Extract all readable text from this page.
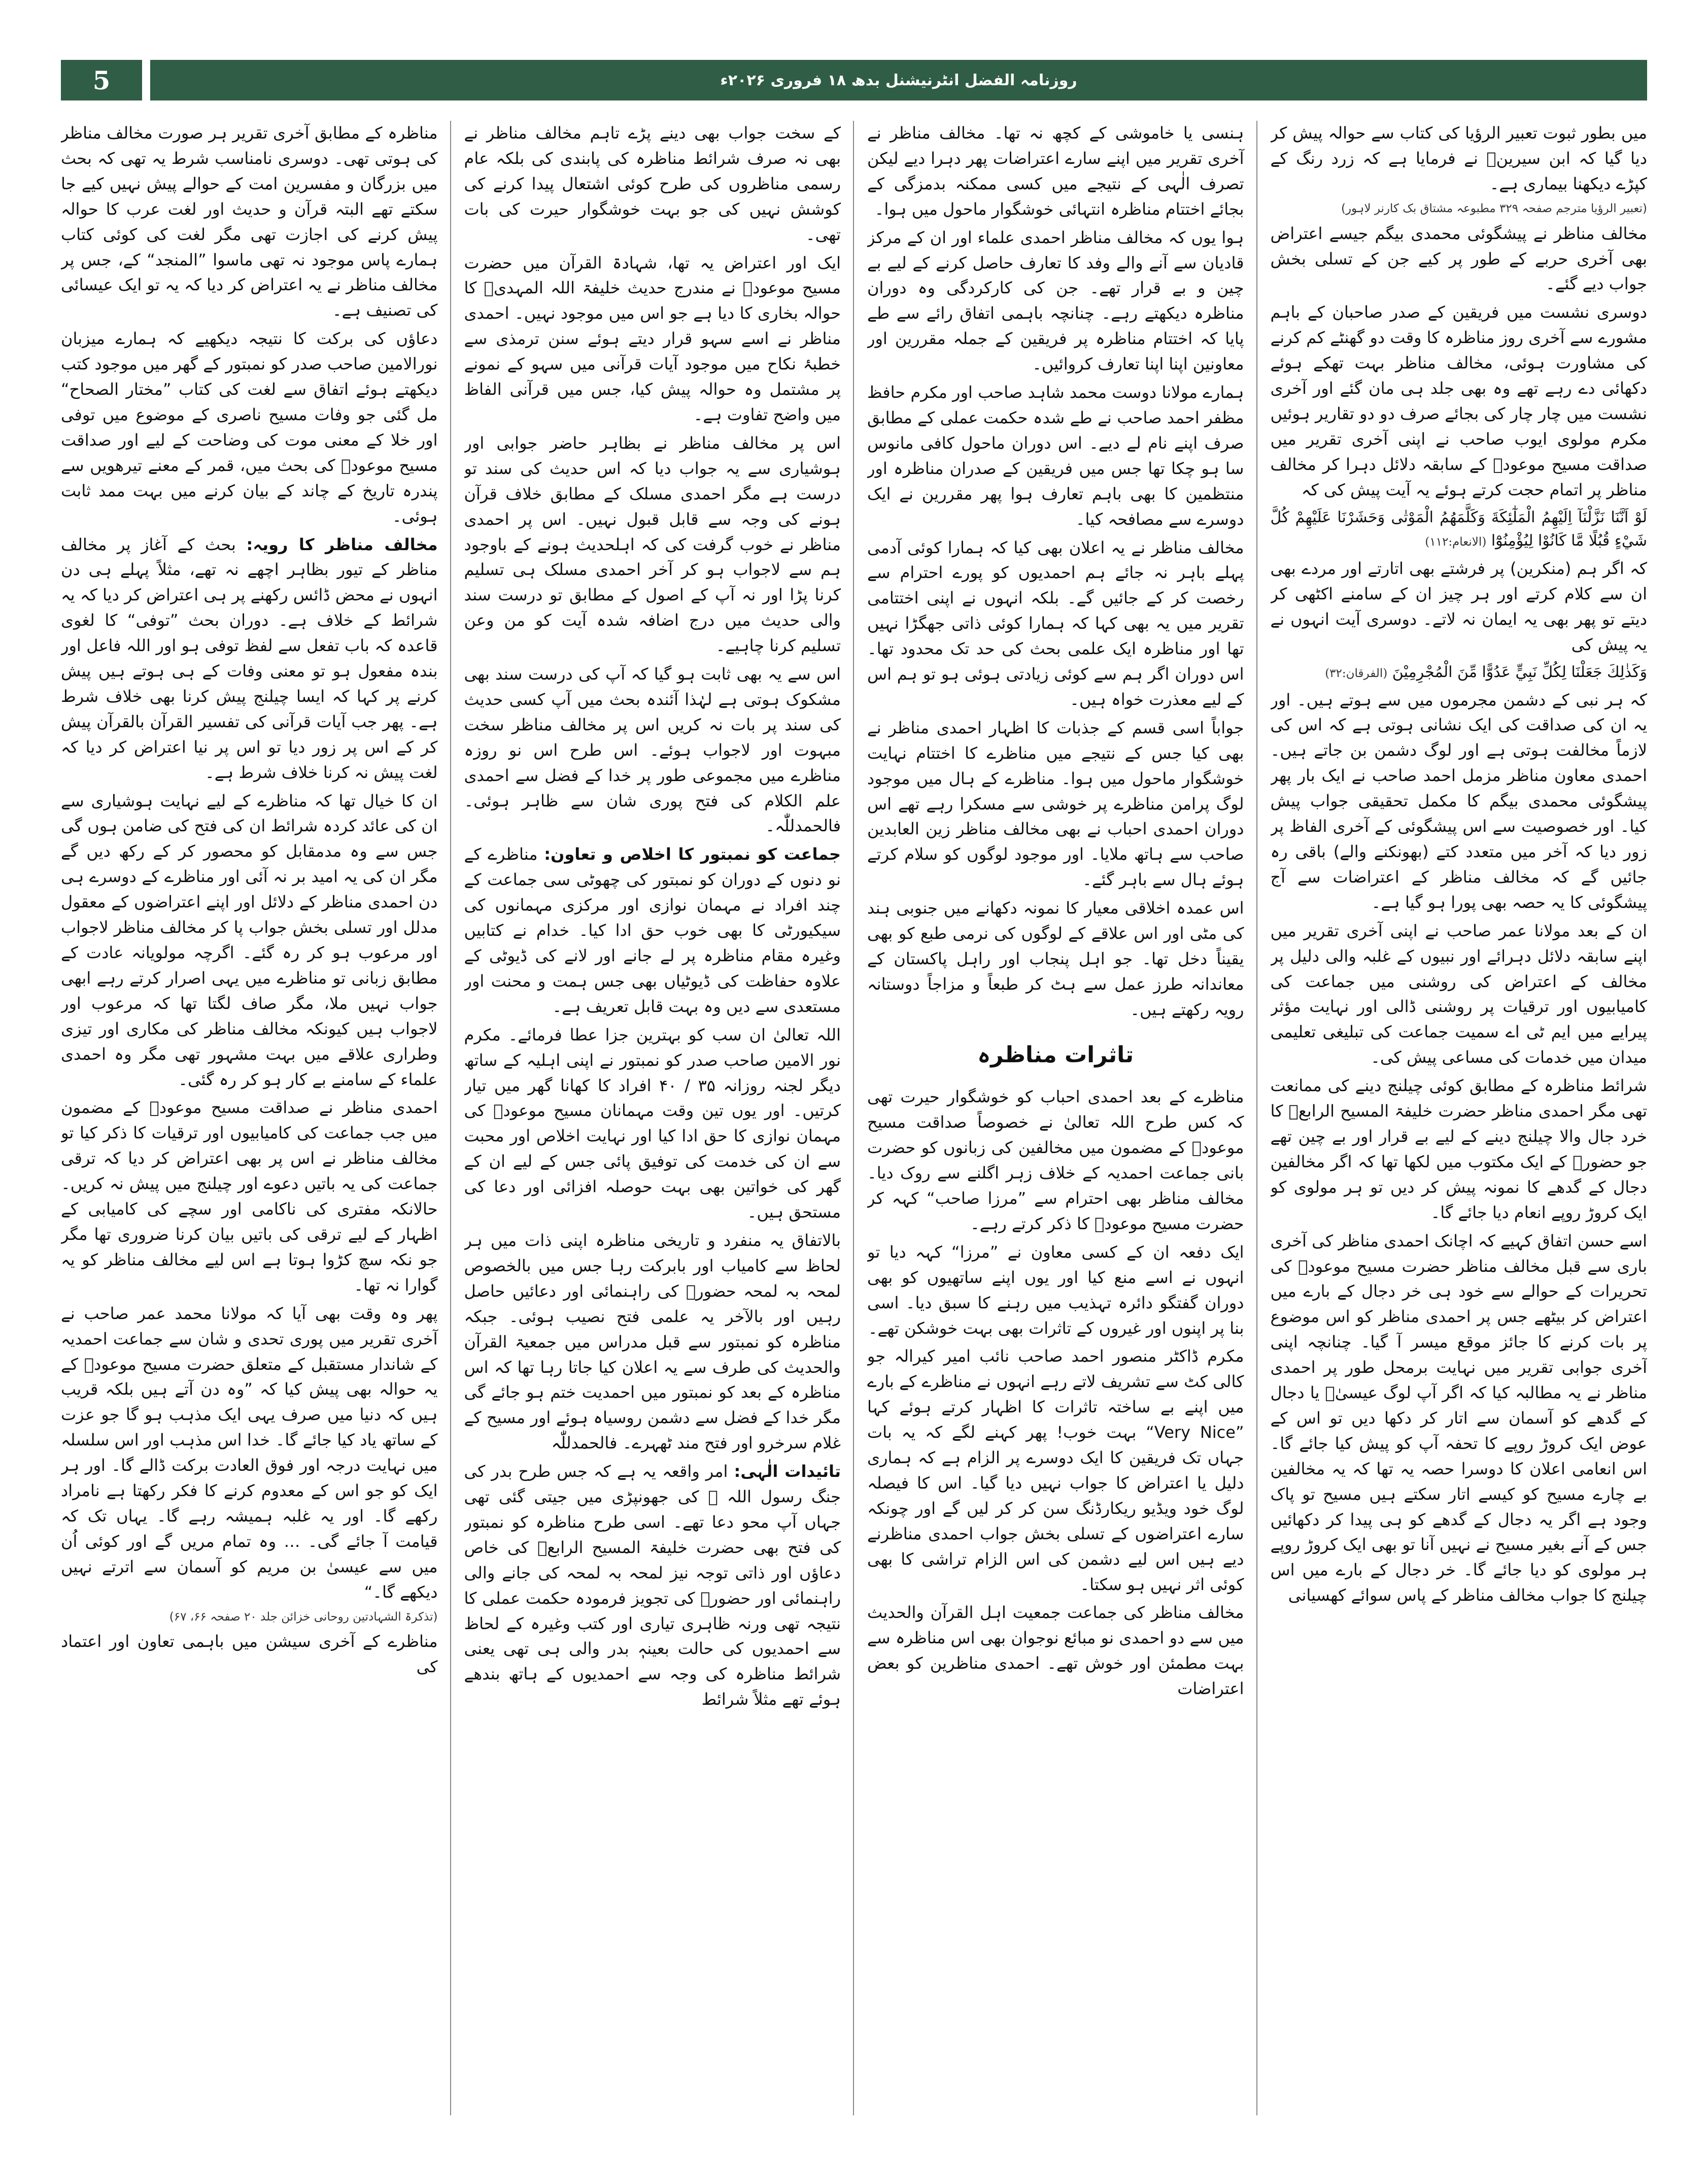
5	روزنامہ الفضل انٹرنیشنل بدھ ۱۸ فروری ۲۰۲۶ء

میں بطور ثبوت تعبیر الرؤیا کی کتاب سے حوالہ پیش کر دیا گیا کہ ابن سیرینؒ نے فرمایا ہے کہ زرد رنگ کے کپڑے دیکھنا بیماری ہے۔

(تعبیر الرؤیا مترجم صفحہ ۳۲۹ مطبوعہ مشتاق بک کارنر لاہور)

مخالف مناظر نے پیشگوئی محمدی بیگم جیسے اعتراض بھی آخری حربے کے طور پر کیے جن کے تسلی بخش جواب دیے گئے۔

دوسری نشست میں فریقین کے صدر صاحبان کے باہم مشورے سے آخری روز مناظرہ کا وقت دو گھنٹے کم کرنے کی مشاورت ہوئی، مخالف مناظر بہت تھکے ہوئے دکھائی دے رہے تھے وہ بھی جلد ہی مان گئے اور آخری نشست میں چار چار کی بجائے صرف دو دو تقاریر ہوئیں مکرم مولوی ایوب صاحب نے اپنی آخری تقریر میں صداقت مسیح موعودؑ کے سابقہ دلائل دہرا کر مخالف مناظر پر اتمام حجت کرتے ہوئے یہ آیت پیش کی کہ

لَوْ اَنَّنَا نَزَّلْنَآ اِلَيْهِمُ الْمَلٰٓئِكَةَ وَكَلَّمَهُمُ الْمَوْتٰى وَحَشَرْنَا عَلَيْهِمْ كُلَّ شَيْءٍ قُبُلًا مَّا كَانُوْا لِيُؤْمِنُوْٓا (الانعام:۱۱۲)

کہ اگر ہم (منکرین) پر فرشتے بھی اتارتے اور مردے بھی ان سے کلام کرتے اور ہر چیز ان کے سامنے اکٹھی کر دیتے تو پھر بھی یہ ایمان نہ لاتے۔ دوسری آیت انہوں نے یہ پیش کی

وَكَذٰلِكَ جَعَلْنَا لِكُلِّ نَبِيٍّ عَدُوًّا مِّنَ الْمُجْرِمِيْنَ (الفرقان:۳۲)

کہ ہر نبی کے دشمن مجرموں میں سے ہوتے ہیں۔ اور یہ ان کی صداقت کی ایک نشانی ہوتی ہے کہ اس کی لازماً مخالفت ہوتی ہے اور لوگ دشمن بن جاتے ہیں۔ احمدی معاون مناظر مزمل احمد صاحب نے ایک بار پھر پیشگوئی محمدی بیگم کا مکمل تحقیقی جواب پیش کیا۔ اور خصوصیت سے اس پیشگوئی کے آخری الفاظ پر زور دیا کہ آخر میں متعدد کتے (بھونکنے والے) باقی رہ جائیں گے کہ مخالف مناظر کے اعتراضات سے آج پیشگوئی کا یہ حصہ بھی پورا ہو گیا ہے۔

ان کے بعد مولانا عمر صاحب نے اپنی آخری تقریر میں اپنے سابقہ دلائل دہرائے اور نبیوں کے غلبہ والی دلیل پر مخالف کے اعتراض کی روشنی میں جماعت کی کامیابیوں اور ترقیات پر روشنی ڈالی اور نہایت مؤثر پیرایے میں ایم ٹی اے سمیت جماعت کی تبلیغی تعلیمی میدان میں خدمات کی مساعی پیش کی۔

شرائط مناظرہ کے مطابق کوئی چیلنج دینے کی ممانعت تھی مگر احمدی مناظر حضرت خلیفۃ المسیح الرابعؒ کا خرد جال والا چیلنج دینے کے لیے بے قرار اور بے چین تھے جو حضورؒ کے ایک مکتوب میں لکھا تھا کہ اگر مخالفین دجال کے گدھے کا نمونہ پیش کر دیں تو ہر مولوی کو ایک کروڑ روپے انعام دیا جائے گا۔

اسے حسن اتفاق کہیے کہ اچانک احمدی مناظر کی آخری باری سے قبل مخالف مناظر حضرت مسیح موعودؑ کی تحریرات کے حوالے سے خود ہی خر دجال کے بارے میں اعتراض کر بیٹھے جس پر احمدی مناظر کو اس موضوع پر بات کرنے کا جائز موقع میسر آ گیا۔ چنانچہ اپنی آخری جوابی تقریر میں نہایت برمحل طور پر احمدی مناظر نے یہ مطالبہ کیا کہ اگر آپ لوگ عیسیٰؑ یا دجال کے گدھے کو آسمان سے اتار کر دکھا دیں تو اس کے عوض ایک کروڑ روپے کا تحفہ آپ کو پیش کیا جائے گا۔ اس انعامی اعلان کا دوسرا حصہ یہ تھا کہ یہ مخالفین بے چارے مسیح کو کیسے اتار سکتے ہیں مسیح تو پاک وجود ہے اگر یہ دجال کے گدھے کو ہی پیدا کر دکھائیں جس کے آنے بغیر مسیح نے نہیں آنا تو بھی ایک کروڑ روپے ہر مولوی کو دیا جائے گا۔ خر دجال کے بارے میں اس چیلنج کا جواب مخالف مناظر کے پاس سوائے کھسیانی

ہنسی یا خاموشی کے کچھ نہ تھا۔ مخالف مناظر نے آخری تقریر میں اپنے سارے اعتراضات پھر دہرا دیے لیکن تصرف الٰہی کے نتیجے میں کسی ممکنہ بدمزگی کے بجائے اختتام مناظرہ انتہائی خوشگوار ماحول میں ہوا۔

ہوا یوں کہ مخالف مناظر احمدی علماء اور ان کے مرکز قادیان سے آنے والے وفد کا تعارف حاصل کرنے کے لیے بے چین و بے قرار تھے۔ جن کی کارکردگی وہ دوران مناظرہ دیکھتے رہے۔ چنانچہ باہمی اتفاق رائے سے طے پایا کہ اختتام مناظرہ پر فریقین کے جملہ مقررین اور معاونین اپنا اپنا تعارف کروائیں۔

ہمارے مولانا دوست محمد شاہد صاحب اور مکرم حافظ مظفر احمد صاحب نے طے شدہ حکمت عملی کے مطابق صرف اپنے نام لے دیے۔ اس دوران ماحول کافی مانوس سا ہو چکا تھا جس میں فریقین کے صدران مناظرہ اور منتظمین کا بھی باہم تعارف ہوا پھر مقررین نے ایک دوسرے سے مصافحہ کیا۔

مخالف مناظر نے یہ اعلان بھی کیا کہ ہمارا کوئی آدمی پہلے باہر نہ جائے ہم احمدیوں کو پورے احترام سے رخصت کر کے جائیں گے۔ بلکہ انہوں نے اپنی اختتامی تقریر میں یہ بھی کہا کہ ہمارا کوئی ذاتی جھگڑا نہیں تھا اور مناظرہ ایک علمی بحث کی حد تک محدود تھا۔ اس دوران اگر ہم سے کوئی زیادتی ہوئی ہو تو ہم اس کے لیے معذرت خواہ ہیں۔

جواباً اسی قسم کے جذبات کا اظہار احمدی مناظر نے بھی کیا جس کے نتیجے میں مناظرے کا اختتام نہایت خوشگوار ماحول میں ہوا۔ مناظرے کے ہال میں موجود لوگ پرامن مناظرے پر خوشی سے مسکرا رہے تھے اس دوران احمدی احباب نے بھی مخالف مناظر زین العابدین صاحب سے ہاتھ ملایا۔ اور موجود لوگوں کو سلام کرتے ہوئے ہال سے باہر گئے۔

اس عمدہ اخلاقی معیار کا نمونہ دکھانے میں جنوبی ہند کی مٹی اور اس علاقے کے لوگوں کی نرمی طبع کو بھی یقیناً دخل تھا۔ جو اہل پنجاب اور راہل پاکستان کے معاندانہ طرز عمل سے ہٹ کر طبعاً و مزاجاً دوستانہ رویہ رکھتے ہیں۔

تاثرات مناظرہ

مناظرے کے بعد احمدی احباب کو خوشگوار حیرت تھی کہ کس طرح اللہ تعالیٰ نے خصوصاً صداقت مسیح موعودؑ کے مضمون میں مخالفین کی زبانوں کو حضرت بانی جماعت احمدیہ کے خلاف زہر اگلنے سے روک دیا۔ مخالف مناظر بھی احترام سے ”مرزا صاحب“ کہہ کر حضرت مسیح موعودؑ کا ذکر کرتے رہے۔

ایک دفعہ ان کے کسی معاون نے ”مرزا“ کہہ دیا تو انہوں نے اسے منع کیا اور یوں اپنے ساتھیوں کو بھی دوران گفتگو دائرہ تہذیب میں رہنے کا سبق دیا۔ اسی بنا پر اپنوں اور غیروں کے تاثرات بھی بہت خوشکن تھے۔

مکرم ڈاکٹر منصور احمد صاحب نائب امیر کیرالہ جو کالی کٹ سے تشریف لاتے رہے انہوں نے مناظرے کے بارے میں اپنے بے ساختہ تاثرات کا اظہار کرتے ہوئے کہا ”Very Nice“ بہت خوب! پھر کہنے لگے کہ یہ بات جہاں تک فریقین کا ایک دوسرے پر الزام ہے کہ ہماری دلیل یا اعتراض کا جواب نہیں دیا گیا۔ اس کا فیصلہ لوگ خود ویڈیو ریکارڈنگ سن کر کر لیں گے اور چونکہ سارے اعتراضوں کے تسلی بخش جواب احمدی مناظرنے دیے ہیں اس لیے دشمن کی اس الزام تراشی کا بھی کوئی اثر نہیں ہو سکتا۔

مخالف مناظر کی جماعت جمعیت اہل القرآن والحدیث میں سے دو احمدی نو مبائع نوجوان بھی اس مناظرہ سے بہت مطمئن اور خوش تھے۔ احمدی مناظرین کو بعض اعتراضات

کے سخت جواب بھی دینے پڑے تاہم مخالف مناظر نے بھی نہ صرف شرائط مناظرہ کی پابندی کی بلکہ عام رسمی مناظروں کی طرح کوئی اشتعال پیدا کرنے کی کوشش نہیں کی جو بہت خوشگوار حیرت کی بات تھی۔

ایک اور اعتراض یہ تھا، شہادۃ القرآن میں حضرت مسیح موعودؑ نے مندرج حدیث خلیفۃ اللہ المہدیؑ کا حوالہ بخاری کا دیا ہے جو اس میں موجود نہیں۔ احمدی مناظر نے اسے سہو قرار دیتے ہوئے سنن ترمذی سے خطبۂ نکاح میں موجود آیات قرآنی میں سہو کے نمونے پر مشتمل وہ حوالہ پیش کیا، جس میں قرآنی الفاظ میں واضح تفاوت ہے۔

اس پر مخالف مناظر نے بظاہر حاضر جوابی اور ہوشیاری سے یہ جواب دیا کہ اس حدیث کی سند تو درست ہے مگر احمدی مسلک کے مطابق خلاف قرآن ہونے کی وجہ سے قابل قبول نہیں۔ اس پر احمدی مناظر نے خوب گرفت کی کہ اہلحدیث ہونے کے باوجود ہم سے لاجواب ہو کر آخر احمدی مسلک ہی تسلیم کرنا پڑا اور نہ آپ کے اصول کے مطابق تو درست سند والی حدیث میں درج اضافہ شدہ آیت کو من وعن تسلیم کرنا چاہیے۔

اس سے یہ بھی ثابت ہو گیا کہ آپ کی درست سند بھی مشکوک ہوتی ہے لہٰذا آئندہ بحث میں آپ کسی حدیث کی سند پر بات نہ کریں اس پر مخالف مناظر سخت مبہوت اور لاجواب ہوئے۔ اس طرح اس نو روزہ مناظرے میں مجموعی طور پر خدا کے فضل سے احمدی علم الکلام کی فتح پوری شان سے ظاہر ہوئی۔ فالحمدللّٰہ۔

جماعت کو نمبتور کا اخلاص و تعاون: مناظرے کے نو دنوں کے دوران کو نمبتور کی چھوٹی سی جماعت کے چند افراد نے مہمان نوازی اور مرکزی مہمانوں کی سیکیورٹی کا بھی خوب حق ادا کیا۔ خدام نے کتابیں وغیرہ مقام مناظرہ پر لے جانے اور لانے کی ڈیوٹی کے علاوہ حفاظت کی ڈیوٹیاں بھی جس ہمت و محنت اور مستعدی سے دیں وہ بہت قابل تعریف ہے۔

اللہ تعالیٰ ان سب کو بہترین جزا عطا فرمائے۔ مکرم نور الامین صاحب صدر کو نمبتور نے اپنی اہلیہ کے ساتھ دیگر لجنہ روزانہ ۳۵ / ۴۰ افراد کا کھانا گھر میں تیار کرتیں۔ اور یوں تین وقت مہمانان مسیح موعودؑ کی مہمان نوازی کا حق ادا کیا اور نہایت اخلاص اور محبت سے ان کی خدمت کی توفیق پائی جس کے لیے ان کے گھر کی خواتین بھی بہت حوصلہ افزائی اور دعا کی مستحق ہیں۔

بالاتفاق یہ منفرد و تاریخی مناظرہ اپنی ذات میں ہر لحاظ سے کامیاب اور بابرکت رہا جس میں بالخصوص لمحہ بہ لمحہ حضورؒ کی راہنمائی اور دعائیں حاصل رہیں اور بالآخر یہ علمی فتح نصیب ہوئی۔ جبکہ مناظرہ کو نمبتور سے قبل مدراس میں جمعیۃ القرآن والحدیث کی طرف سے یہ اعلان کیا جاتا رہا تھا کہ اس مناظرہ کے بعد کو نمبتور میں احمدیت ختم ہو جائے گی مگر خدا کے فضل سے دشمن روسیاہ ہوئے اور مسیح کے غلام سرخرو اور فتح مند ٹھہرے۔ فالحمدللّٰہ

تائیدات الٰہی: امر واقعہ یہ ہے کہ جس طرح بدر کی جنگ رسول اللہ ﷺ کی جھونپڑی میں جیتی گئی تھی جہاں آپ محو دعا تھے۔ اسی طرح مناظرہ کو نمبتور کی فتح بھی حضرت خلیفۃ المسیح الرابعؒ کی خاص دعاؤں اور ذاتی توجہ نیز لمحہ بہ لمحہ کی جانے والی راہنمائی اور حضورؒ کی تجویز فرمودہ حکمت عملی کا نتیجہ تھی ورنہ ظاہری تیاری اور کتب وغیرہ کے لحاظ سے احمدیوں کی حالت بعینہٖ بدر والی ہی تھی یعنی شرائط مناظرہ کی وجہ سے احمدیوں کے ہاتھ بندھے ہوئے تھے مثلاً شرائط

مناظرہ کے مطابق آخری تقریر ہر صورت مخالف مناظر کی ہوتی تھی۔ دوسری نامناسب شرط یہ تھی کہ بحث میں بزرگان و مفسرین امت کے حوالے پیش نہیں کیے جا سکتے تھے البتہ قرآن و حدیث اور لغت عرب کا حوالہ پیش کرنے کی اجازت تھی مگر لغت کی کوئی کتاب ہمارے پاس موجود نہ تھی ماسوا ”المنجد“ کے، جس پر مخالف مناظر نے یہ اعتراض کر دیا کہ یہ تو ایک عیسائی کی تصنیف ہے۔

دعاؤں کی برکت کا نتیجہ دیکھیے کہ ہمارے میزبان نورالامین صاحب صدر کو نمبتور کے گھر میں موجود کتب دیکھتے ہوئے اتفاق سے لغت کی کتاب ”مختار الصحاح“ مل گئی جو وفات مسیح ناصری کے موضوع میں توفی اور خلا کے معنی موت کی وضاحت کے لیے اور صداقت مسیح موعودؑ کی بحث میں، قمر کے معنے تیرھویں سے پندرہ تاریخ کے چاند کے بیان کرنے میں بہت ممد ثابت ہوئی۔

مخالف مناظر کا رویہ: بحث کے آغاز پر مخالف مناظر کے تیور بظاہر اچھے نہ تھے، مثلاً پہلے ہی دن انہوں نے محض ڈائس رکھنے پر ہی اعتراض کر دیا کہ یہ شرائط کے خلاف ہے۔ دوران بحث ”توفی“ کا لغوی قاعدہ کہ باب تفعل سے لفظ توفی ہو اور اللہ فاعل اور بندہ مفعول ہو تو معنی وفات کے ہی ہوتے ہیں پیش کرنے پر کہا کہ ایسا چیلنج پیش کرنا بھی خلاف شرط ہے۔ پھر جب آیات قرآنی کی تفسیر القرآن بالقرآن پیش کر کے اس پر زور دیا تو اس پر نیا اعتراض کر دیا کہ لغت پیش نہ کرنا خلاف شرط ہے۔

ان کا خیال تھا کہ مناظرے کے لیے نہایت ہوشیاری سے ان کی عائد کردہ شرائط ان کی فتح کی ضامن ہوں گی جس سے وہ مدمقابل کو محصور کر کے رکھ دیں گے مگر ان کی یہ امید بر نہ آئی اور مناظرے کے دوسرے ہی دن احمدی مناظر کے دلائل اور اپنے اعتراضوں کے معقول مدلل اور تسلی بخش جواب پا کر مخالف مناظر لاجواب اور مرعوب ہو کر رہ گئے۔ اگرچہ مولویانہ عادت کے مطابق زبانی تو مناظرے میں یہی اصرار کرتے رہے ابھی جواب نہیں ملا، مگر صاف لگتا تھا کہ مرعوب اور لاجواب ہیں کیونکہ مخالف مناظر کی مکاری اور تیزی وطراری علاقے میں بہت مشہور تھی مگر وہ احمدی علماء کے سامنے بے کار ہو کر رہ گئی۔

احمدی مناظر نے صداقت مسیح موعودؑ کے مضمون میں جب جماعت کی کامیابیوں اور ترقیات کا ذکر کیا تو مخالف مناظر نے اس پر بھی اعتراض کر دیا کہ ترقی جماعت کی یہ باتیں دعوے اور چیلنج میں پیش نہ کریں۔ حالانکہ مفتری کی ناکامی اور سچے کی کامیابی کے اظہار کے لیے ترقی کی باتیں بیان کرنا ضروری تھا مگر جو نکہ سچ کڑوا ہوتا ہے اس لیے مخالف مناظر کو یہ گوارا نہ تھا۔

پھر وہ وقت بھی آیا کہ مولانا محمد عمر صاحب نے آخری تقریر میں پوری تحدی و شان سے جماعت احمدیہ کے شاندار مستقبل کے متعلق حضرت مسیح موعودؑ کے یہ حوالہ بھی پیش کیا کہ ”وہ دن آتے ہیں بلکہ قریب ہیں کہ دنیا میں صرف یہی ایک مذہب ہو گا جو عزت کے ساتھ یاد کیا جائے گا۔ خدا اس مذہب اور اس سلسلہ میں نہایت درجہ اور فوق العادت برکت ڈالے گا۔ اور ہر ایک کو جو اس کے معدوم کرنے کا فکر رکھتا ہے نامراد رکھے گا۔ اور یہ غلبہ ہمیشہ رہے گا۔ یہاں تک کہ قیامت آ جائے گی۔ … وہ تمام مریں گے اور کوئی اُن میں سے عیسیٰ بن مریم کو آسمان سے اترتے نہیں دیکھے گا۔“

(تذکرۃ الشہادتین روحانی خزائن جلد ۲۰ صفحہ ۶۶، ۶۷)

مناظرے کے آخری سیشن میں باہمی تعاون اور اعتماد کی
